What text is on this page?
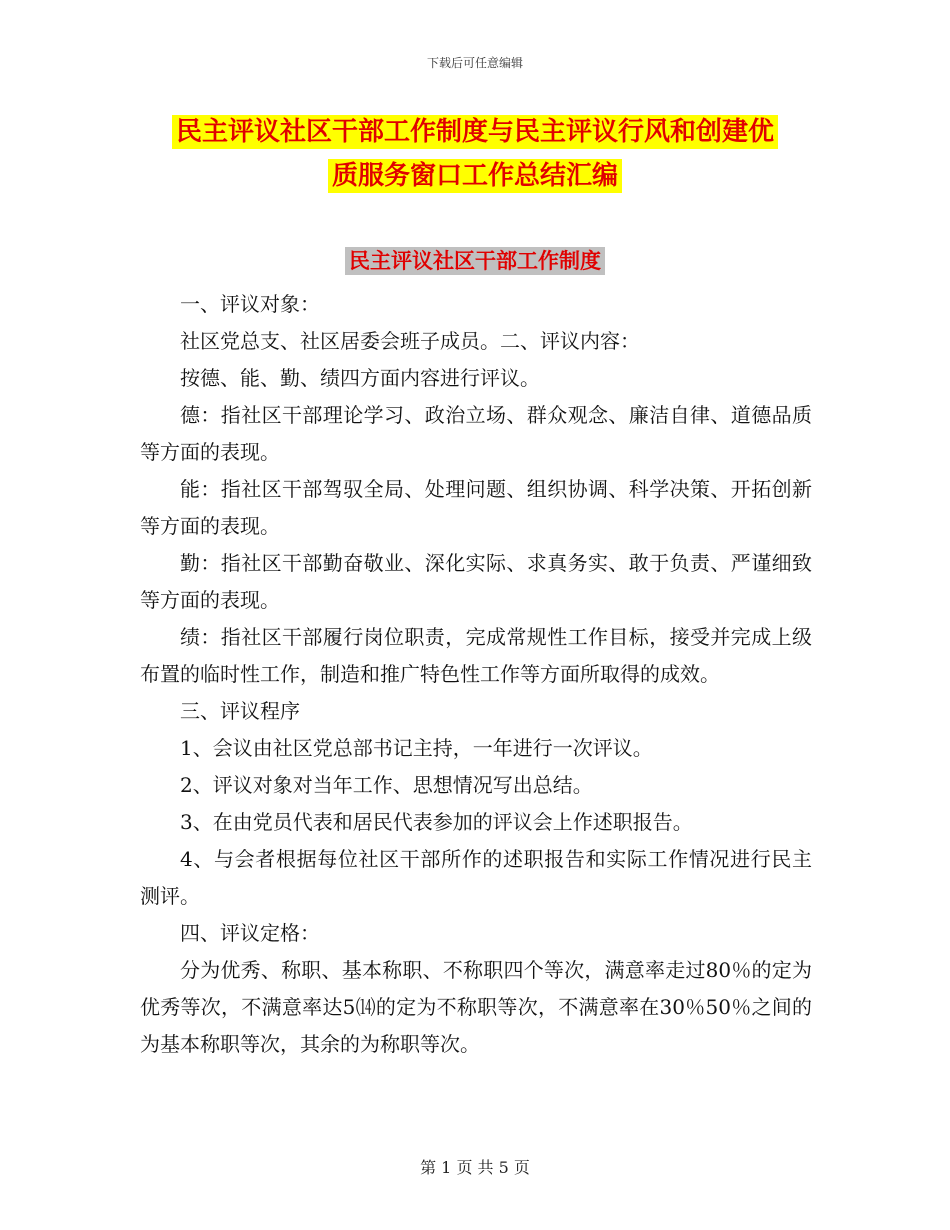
下载后可任意编辑
民主评议社区干部工作制度与民主评议行风和创建优
质服务窗口工作总结汇编
民主评议社区干部工作制度

一、评议对象：

社区党总支、社区居委会班子成员。二、评议内容：

按德、能、勤、绩四方面内容进行评议。

德：指社区干部理论学习、政治立场、群众观念、廉洁自律、道德品质等方面的表现。

能：指社区干部驾驭全局、处理问题、组织协调、科学决策、开拓创新等方面的表现。

勤：指社区干部勤奋敬业、深化实际、求真务实、敢于负责、严谨细致等方面的表现。

绩：指社区干部履行岗位职责，完成常规性工作目标，接受并完成上级布置的临时性工作，制造和推广特色性工作等方面所取得的成效。

三、评议程序

1、会议由社区党总部书记主持，一年进行一次评议。

2、评议对象对当年工作、思想情况写出总结。

3、在由党员代表和居民代表参加的评议会上作述职报告。

4、与会者根据每位社区干部所作的述职报告和实际工作情况进行民主测评。

四、评议定格：

分为优秀、称职、基本称职、不称职四个等次，满意率走过80％的定为优秀等次，不满意率达5⒁的定为不称职等次，不满意率在30％50％之间的为基本称职等次，其余的为称职等次。

第 1 页 共 5 页
